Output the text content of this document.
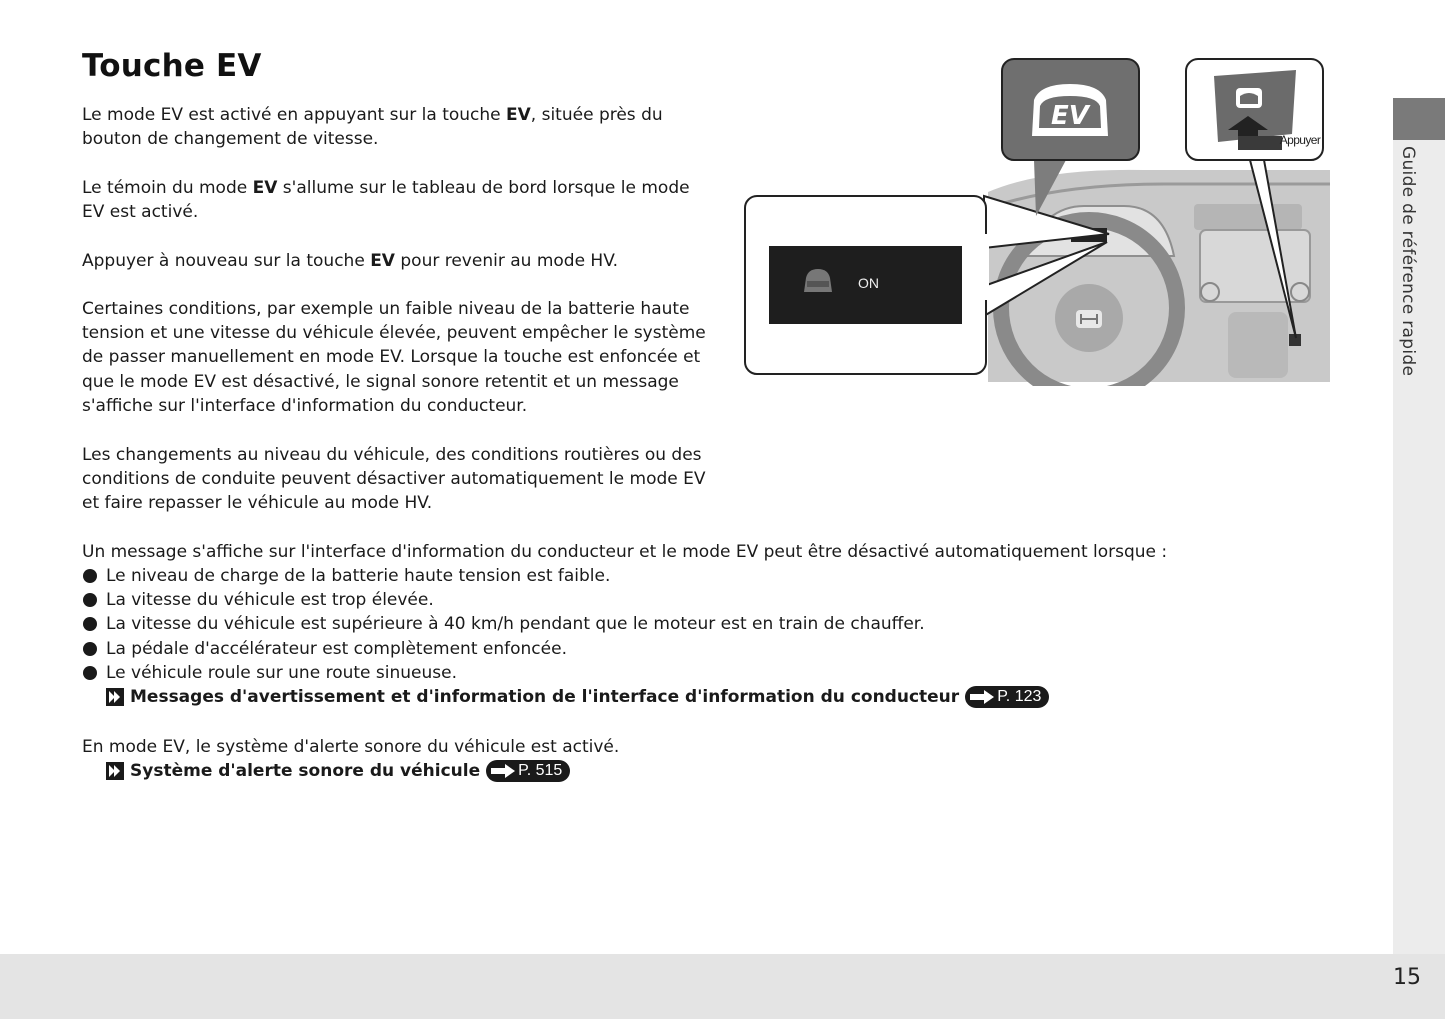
Touche EV

Le mode EV est activé en appuyant sur la touche EV, située près du bouton de changement de vitesse.

Le témoin du mode EV s'allume sur le tableau de bord lorsque le mode EV est activé.

Appuyer à nouveau sur la touche EV pour revenir au mode HV.

Certaines conditions, par exemple un faible niveau de la batterie haute tension et une vitesse du véhicule élevée, peuvent empêcher le système de passer manuellement en mode EV. Lorsque la touche est enfoncée et que le mode EV est désactivé, le signal sonore retentit et un message s'affiche sur l'interface d'information du conducteur.

Les changements au niveau du véhicule, des conditions routières ou des conditions de conduite peuvent désactiver automatiquement le mode EV et faire repasser le véhicule au mode HV.

Un message s'affiche sur l'interface d'information du conducteur et le mode EV peut être désactivé automatiquement lorsque :

Le niveau de charge de la batterie haute tension est faible.
La vitesse du véhicule est trop élevée.
La vitesse du véhicule est supérieure à 40 km/h pendant que le moteur est en train de chauffer.
La pédale d'accélérateur est complètement enfoncée.
Le véhicule roule sur une route sinueuse.
Messages d'avertissement et d'information de l'interface d'information du conducteur P. 123

En mode EV, le système d'alerte sonore du véhicule est activé.

Système d'alerte sonore du véhicule P. 515
ON
EV
Appuyer
Guide de référence rapide
15
